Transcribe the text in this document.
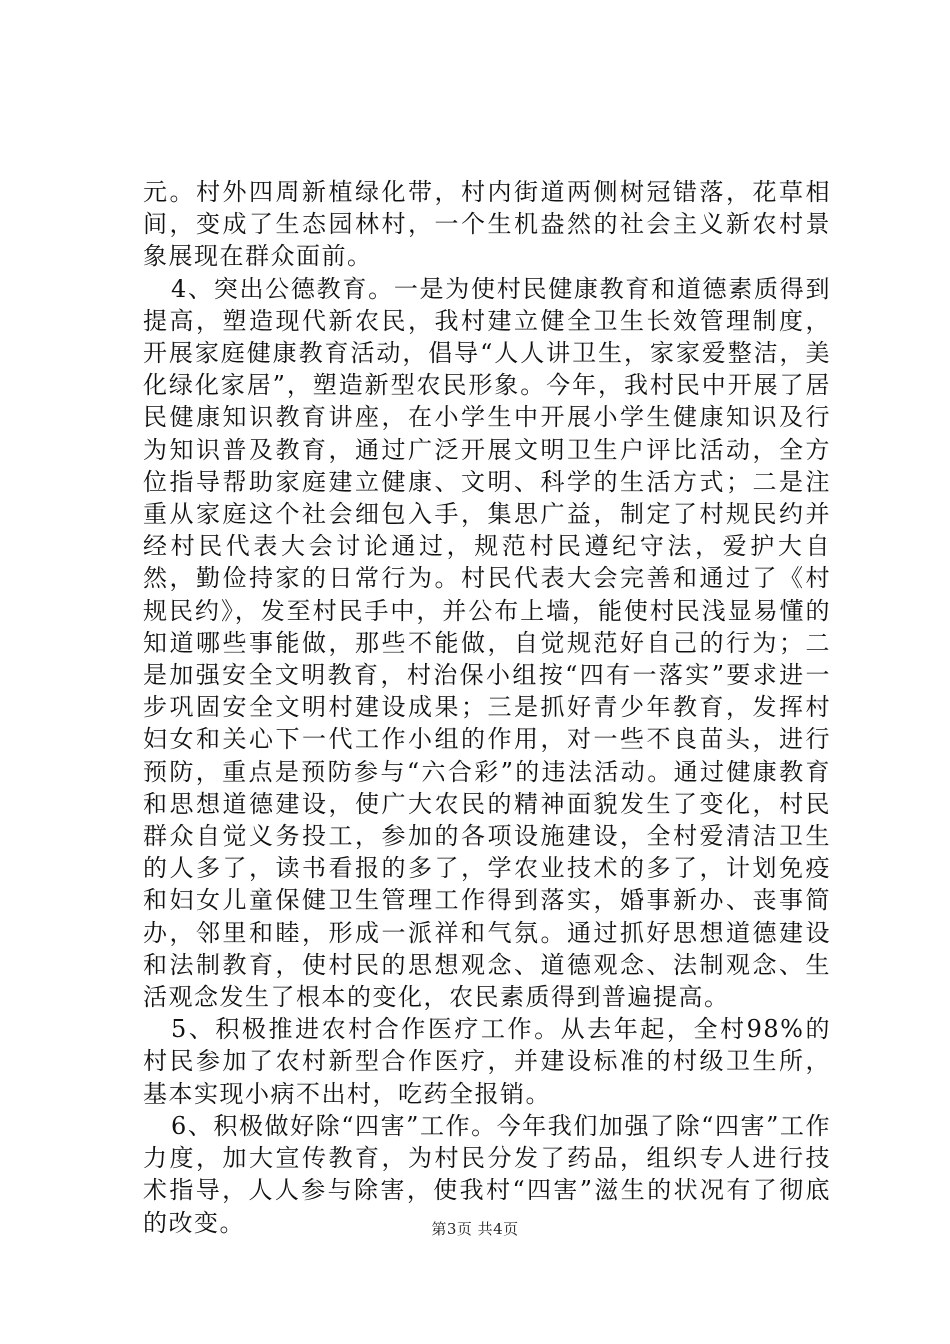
元。村外四周新植绿化带，村内街道两侧树冠错落，花草相间，变成了生态园林村，一个生机盎然的社会主义新农村景象展现在群众面前。

4、突出公德教育。一是为使村民健康教育和道德素质得到提高，塑造现代新农民，我村建立健全卫生长效管理制度，开展家庭健康教育活动，倡导“人人讲卫生，家家爱整洁，美化绿化家居”，塑造新型农民形象。今年，我村民中开展了居民健康知识教育讲座，在小学生中开展小学生健康知识及行为知识普及教育，通过广泛开展文明卫生户评比活动，全方位指导帮助家庭建立健康、文明、科学的生活方式；二是注重从家庭这个社会细包入手，集思广益，制定了村规民约并经村民代表大会讨论通过，规范村民遵纪守法，爱护大自然，勤俭持家的日常行为。村民代表大会完善和通过了《村规民约》，发至村民手中，并公布上墙，能使村民浅显易懂的知道哪些事能做，那些不能做，自觉规范好自己的行为；二是加强安全文明教育，村治保小组按“四有一落实”要求进一步巩固安全文明村建设成果；三是抓好青少年教育，发挥村妇女和关心下一代工作小组的作用，对一些不良苗头，进行预防，重点是预防参与“六合彩”的违法活动。通过健康教育和思想道德建设，使广大农民的精神面貌发生了变化，村民群众自觉义务投工，参加的各项设施建设，全村爱清洁卫生的人多了，读书看报的多了，学农业技术的多了，计划免疫和妇女儿童保健卫生管理工作得到落实，婚事新办、丧事简办，邻里和睦，形成一派祥和气氛。通过抓好思想道德建设和法制教育，使村民的思想观念、道德观念、法制观念、生活观念发生了根本的变化，农民素质得到普遍提高。

5、积极推进农村合作医疗工作。从去年起，全村98%的村民参加了农村新型合作医疗，并建设标准的村级卫生所，基本实现小病不出村，吃药全报销。

6、积极做好除“四害”工作。今年我们加强了除“四害”工作力度，加大宣传教育，为村民分发了药品，组织专人进行技术指导，人人参与除害，使我村“四害”滋生的状况有了彻底的改变。	第3页 共4页
